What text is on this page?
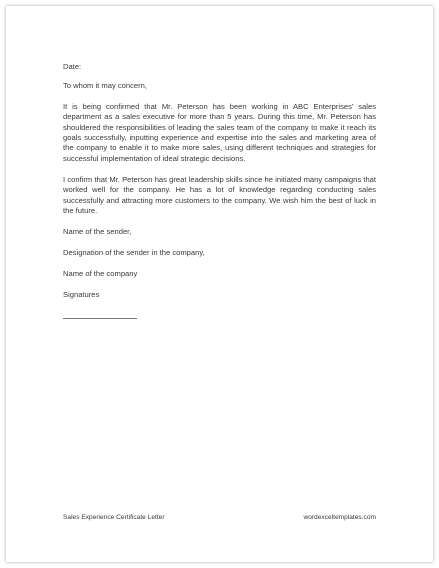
Date:

To whom it may concern,

It is being confirmed that Mr. Peterson has been working in ABC Enterprises' sales department as a sales executive for more than 5 years. During this time, Mr. Peterson has shouldered the responsibilities of leading the sales team of the company to make it reach its goals successfully, inputting experience and expertise into the sales and marketing area of the company to enable it to make more sales, using different techniques and strategies for successful implementation of ideal strategic decisions.

I confirm that Mr. Peterson has great leadership skills since he initiated many campaigns that worked well for the company. He has a lot of knowledge regarding conducting sales successfully and attracting more customers to the company. We wish him the best of luck in the future.

Name of the sender,

Designation of the sender in the company,

Name of the company

Signatures

Sales Experience Certificate Letter	wordexceltemplates.com
